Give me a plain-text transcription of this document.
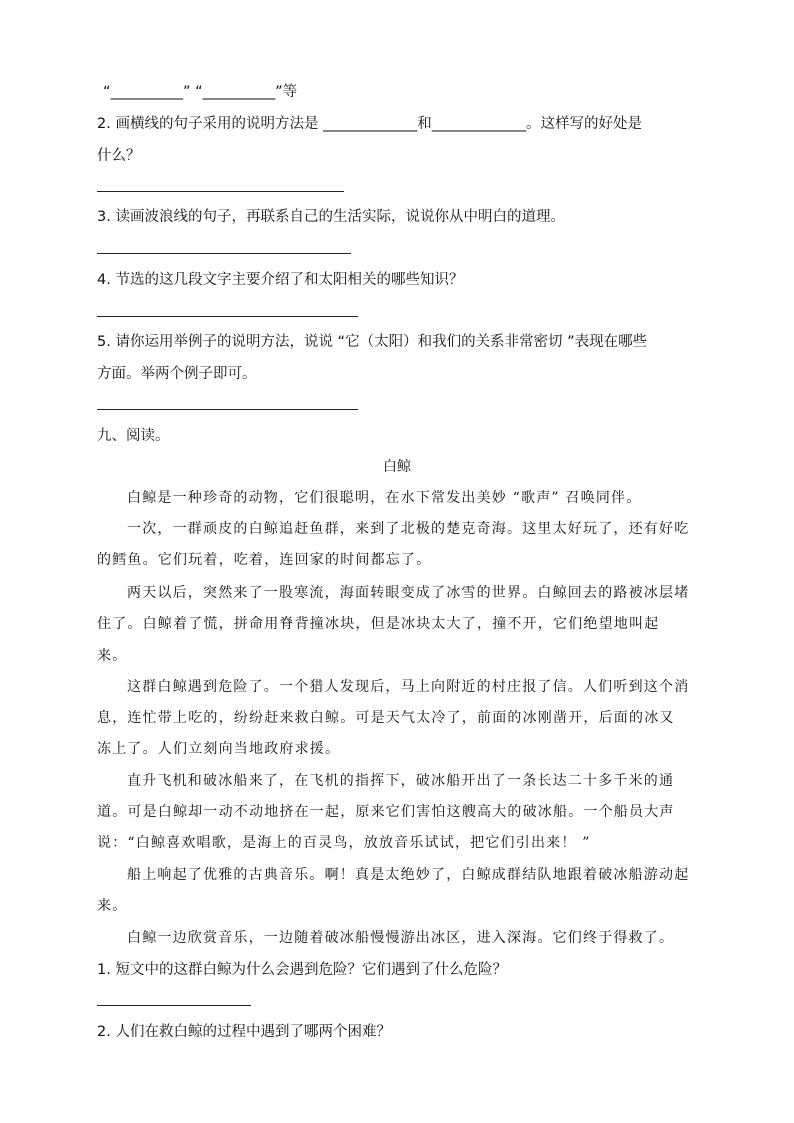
“__________” “__________”等
2. 画横线的句子采用的说明方法是 _____________和_____________。这样写的好处是
什么？
3. 读画波浪线的句子，再联系自己的生活实际，说说你从中明白的道理。
4. 节选的这几段文字主要介绍了和太阳相关的哪些知识？
5. 请你运用举例子的说明方法，说说 “它（太阳）和我们的关系非常密切 ”表现在哪些
方面。举两个例子即可。
九、阅读。
白鲸
白鲸是一种珍奇的动物，它们很聪明，在水下常发出美妙 “歌声” 召唤同伴。
一次，一群顽皮的白鲸追赶鱼群，来到了北极的楚克奇海。这里太好玩了，还有好吃
的鳕鱼。它们玩着，吃着，连回家的时间都忘了。
两天以后，突然来了一股寒流，海面转眼变成了冰雪的世界。白鲸回去的路被冰层堵
住了。白鲸着了慌，拼命用脊背撞冰块，但是冰块太大了，撞不开，它们绝望地叫起
来。
这群白鲸遇到危险了。一个猎人发现后，马上向附近的村庄报了信。人们听到这个消
息，连忙带上吃的，纷纷赶来救白鲸。可是天气太冷了，前面的冰刚凿开，后面的冰又
冻上了。人们立刻向当地政府求援。
直升飞机和破冰船来了，在飞机的指挥下，破冰船开出了一条长达二十多千米的通
道。可是白鲸却一动不动地挤在一起，原来它们害怕这艘高大的破冰船。一个船员大声
说：“白鲸喜欢唱歌，是海上的百灵鸟，放放音乐试试，把它们引出来！ ”
船上响起了优雅的古典音乐。啊！真是太绝妙了，白鲸成群结队地跟着破冰船游动起
来。
白鲸一边欣赏音乐，一边随着破冰船慢慢游出冰区，进入深海。它们终于得救了。
1. 短文中的这群白鲸为什么会遇到危险？它们遇到了什么危险？
2. 人们在救白鲸的过程中遇到了哪两个困难？
